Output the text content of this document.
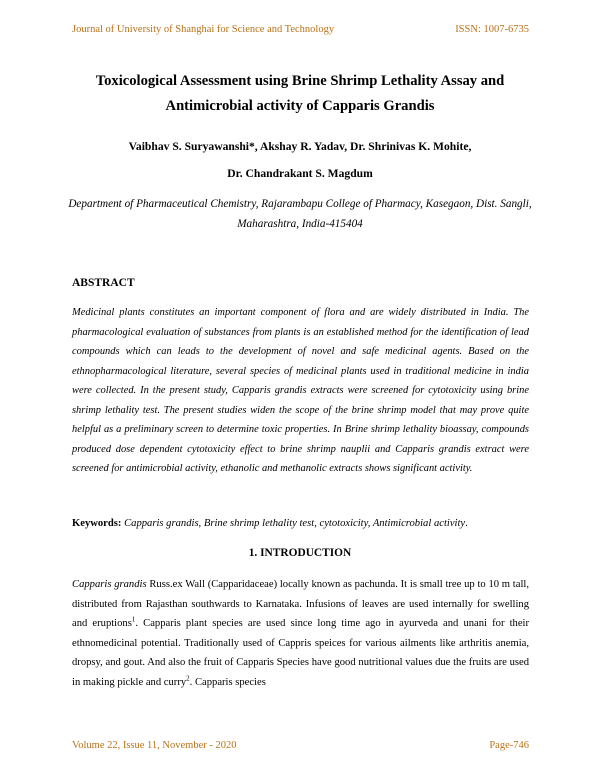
Journal of University of Shanghai for Science and Technology	ISSN: 1007-6735
Toxicological Assessment using Brine Shrimp Lethality Assay and Antimicrobial activity of Capparis Grandis
Vaibhav S. Suryawanshi*, Akshay R. Yadav, Dr. Shrinivas K. Mohite,
Dr. Chandrakant S. Magdum
Department of Pharmaceutical Chemistry, Rajarambapu College of Pharmacy, Kasegaon, Dist. Sangli, Maharashtra, India-415404
ABSTRACT
Medicinal plants constitutes an important component of flora and are widely distributed in India. The pharmacological evaluation of substances from plants is an established method for the identification of lead compounds which can leads to the development of novel and safe medicinal agents. Based on the ethnopharmacological literature, several species of medicinal plants used in traditional medicine in india were collected. In the present study, Capparis grandis extracts were screened for cytotoxicity using brine shrimp lethality test. The present studies widen the scope of the brine shrimp model that may prove quite helpful as a preliminary screen to determine toxic properties. In Brine shrimp lethality bioassay, compounds produced dose dependent cytotoxicity effect to brine shrimp nauplii and Capparis grandis extract were screened for antimicrobial activity, ethanolic and methanolic extracts shows significant activity.
Keywords: Capparis grandis, Brine shrimp lethality test, cytotoxicity, Antimicrobial activity.
1. INTRODUCTION
Capparis grandis Russ.ex Wall (Capparidaceae) locally known as pachunda. It is small tree up to 10 m tall, distributed from Rajasthan southwards to Karnataka. Infusions of leaves are used internally for swelling and eruptions$^1$. Capparis plant species are used since long time ago in ayurveda and unani for their ethnomedicinal potential. Traditionally used of Cappris speices for various ailments like arthritis anemia, dropsy, and gout. And also the fruit of Capparis Species have good nutritional values due the fruits are used in making pickle and curry$^2$. Capparis species
Volume 22, Issue 11, November - 2020	Page-746
